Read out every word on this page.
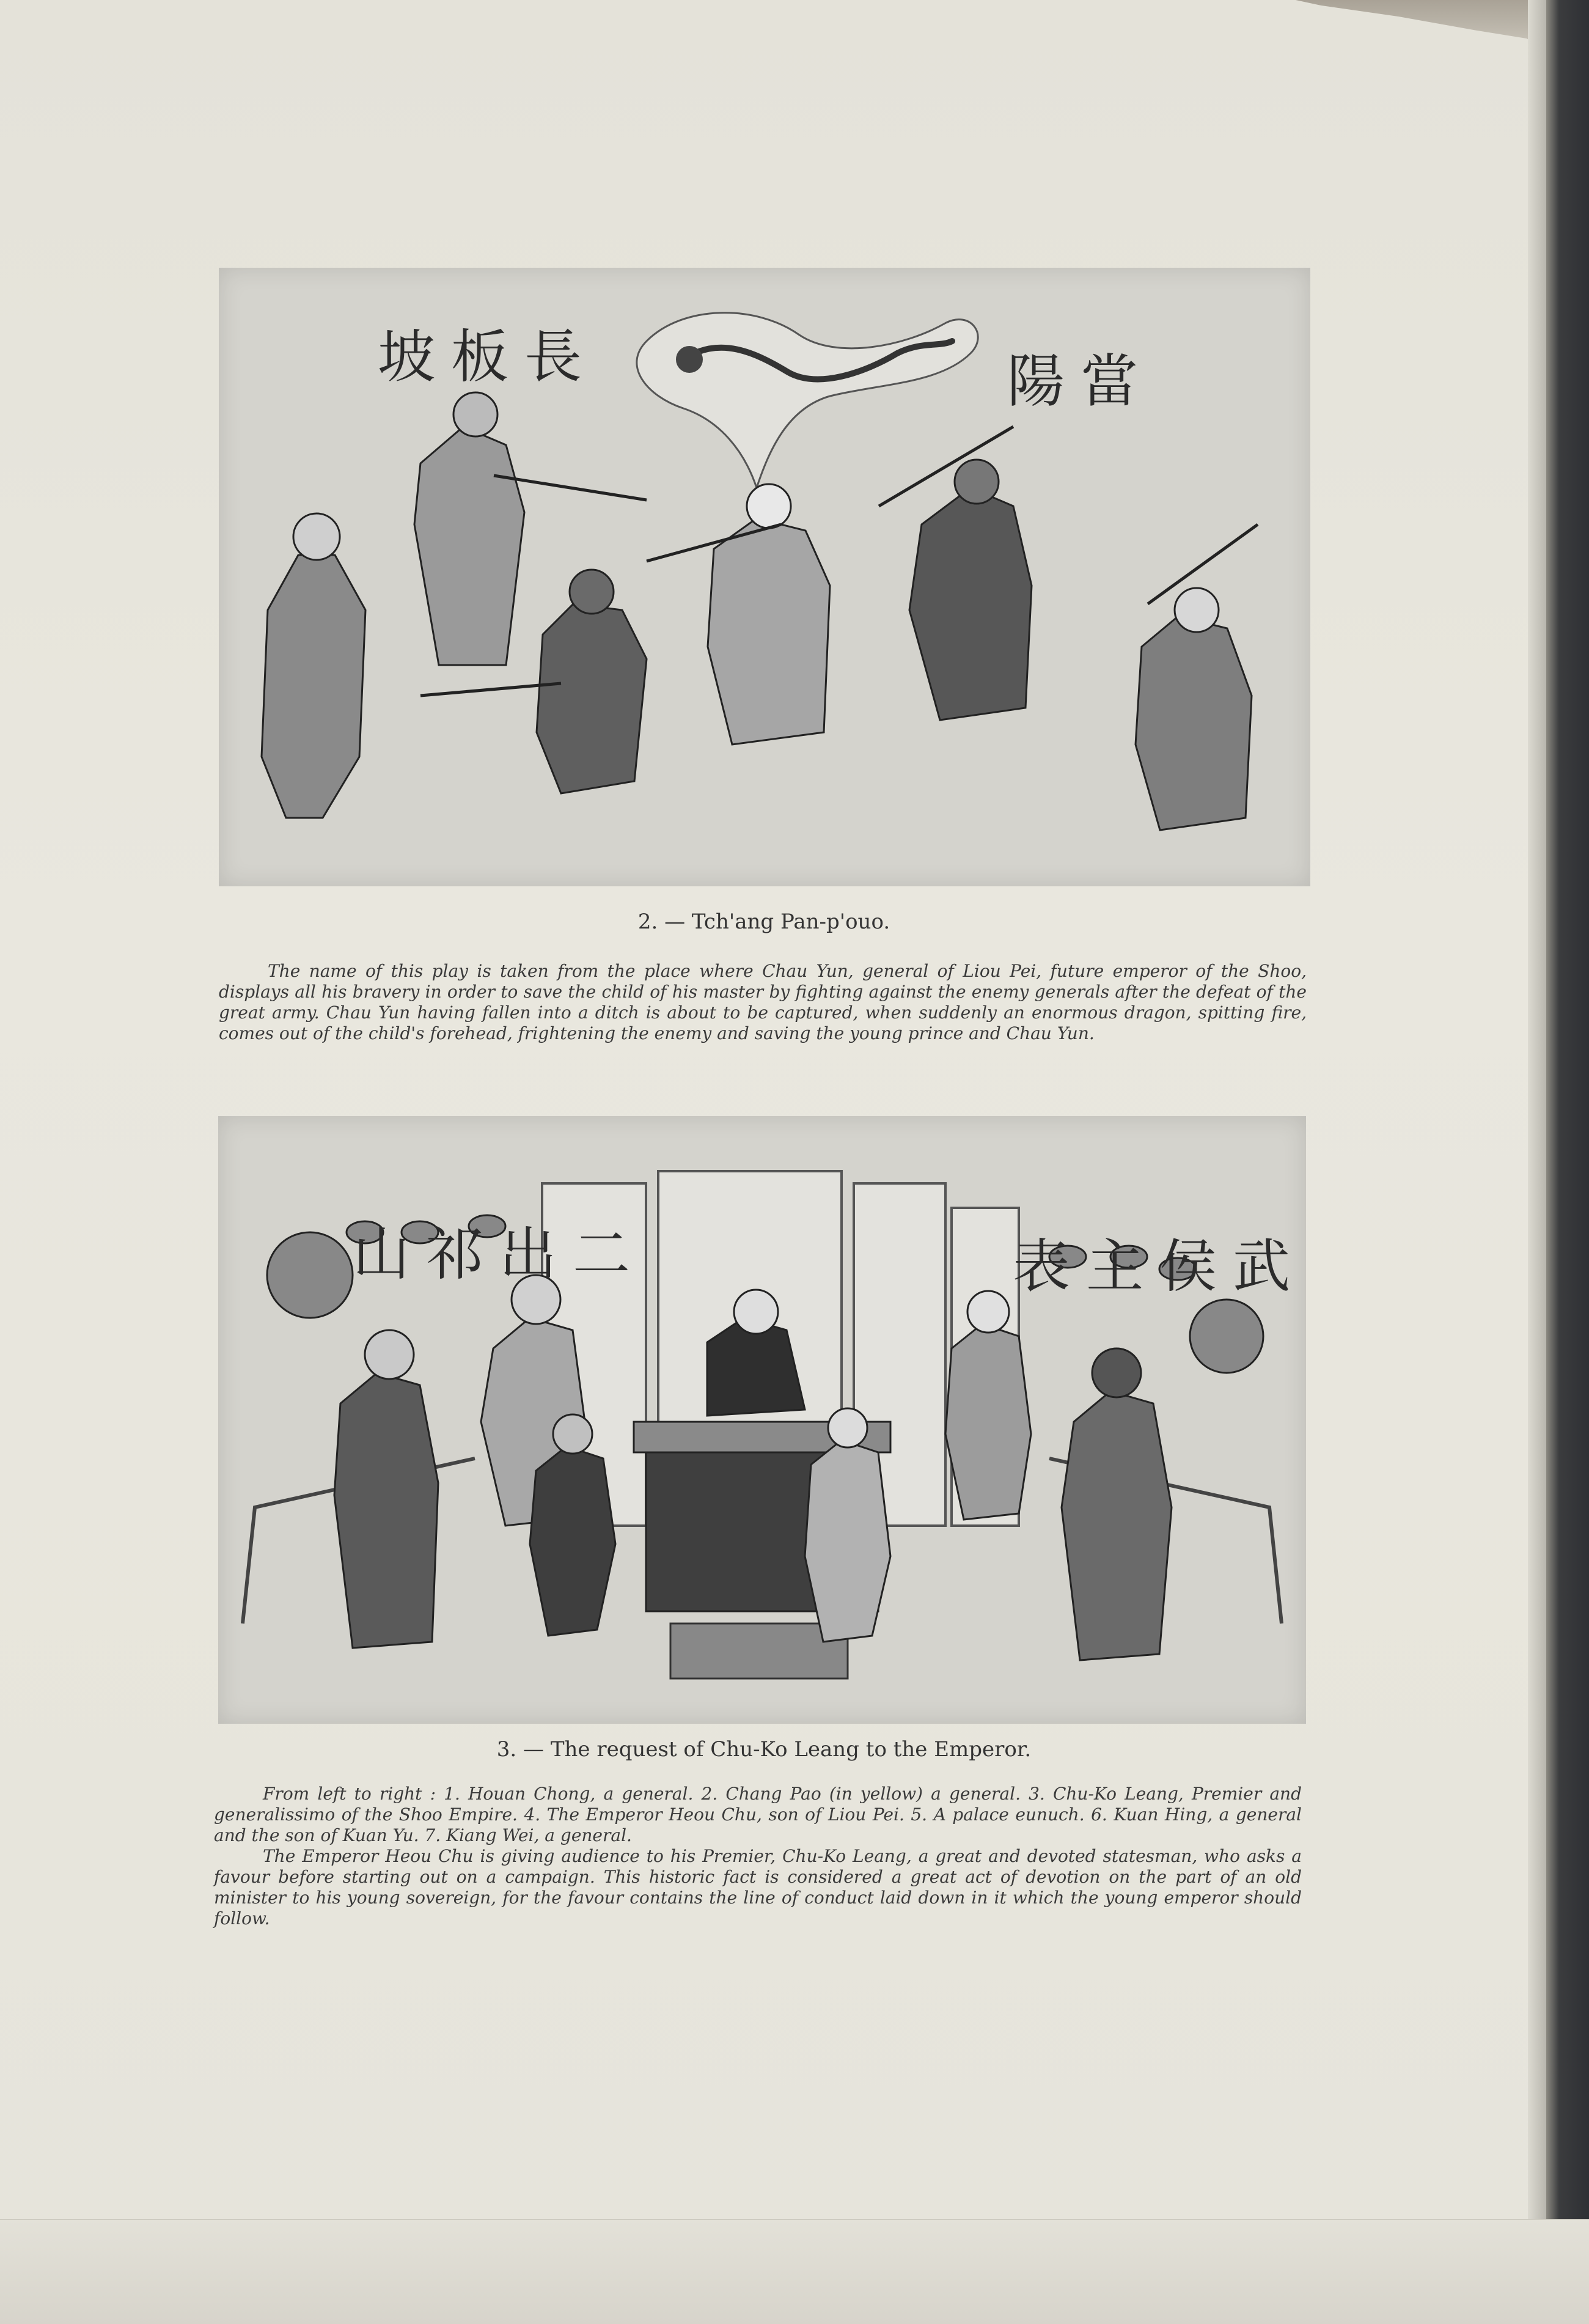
坡板長	陽當
2. — Tch'ang Pan-p'ouo.

The name of this play is taken from the place where Chau Yun, general of Liou Pei, future emperor of the Shoo, displays all his bravery in order to save the child of his master by fighting against the enemy generals after the defeat of the great army. Chau Yun having fallen into a ditch is about to be captured, when suddenly an enormous dragon, spitting fire, comes out of the child's forehead, frightening the enemy and saving the young prince and Chau Yun.

山祁出二	表主侯武
3. — The request of Chu-Ko Leang to the Emperor.

From left to right : 1. Houan Chong, a general. 2. Chang Pao (in yellow) a general. 3. Chu-Ko Leang, Premier and generalissimo of the Shoo Empire. 4. The Emperor Heou Chu, son of Liou Pei. 5. A palace eunuch. 6. Kuan Hing, a general and the son of Kuan Yu. 7. Kiang Wei, a general.

The Emperor Heou Chu is giving audience to his Premier, Chu-Ko Leang, a great and devoted statesman, who asks a favour before starting out on a campaign. This historic fact is considered a great act of devotion on the part of an old minister to his young sovereign, for the favour contains the line of conduct laid down in it which the young emperor should follow.
